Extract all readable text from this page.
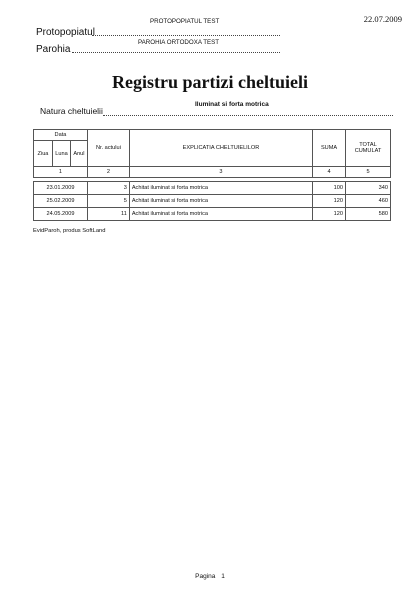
22.07.2009
Protopopiatul
PROTOPOPIATUL TEST
Parohia
PAROHIA ORTODOXA TEST
Registru partizi cheltuieli
Natura cheltuielii
Iluminat si forta motrica
Data			Nr. actului	EXPLICATIA CHELTUIELILOR	SUMA	TOTAL
CUMULAT
Ziua	Luna	Anul				
1			2	3	4	5

23.01.2009			3	Achitat iluminat si forta motrica	100	340
25.02.2009			5	Achitat iluminat si forta motrica	120	460
24.05.2009			11	Achitat iluminat si forta motrica	120	580
EvidParoh, produs SoftLand
Pagina 1
